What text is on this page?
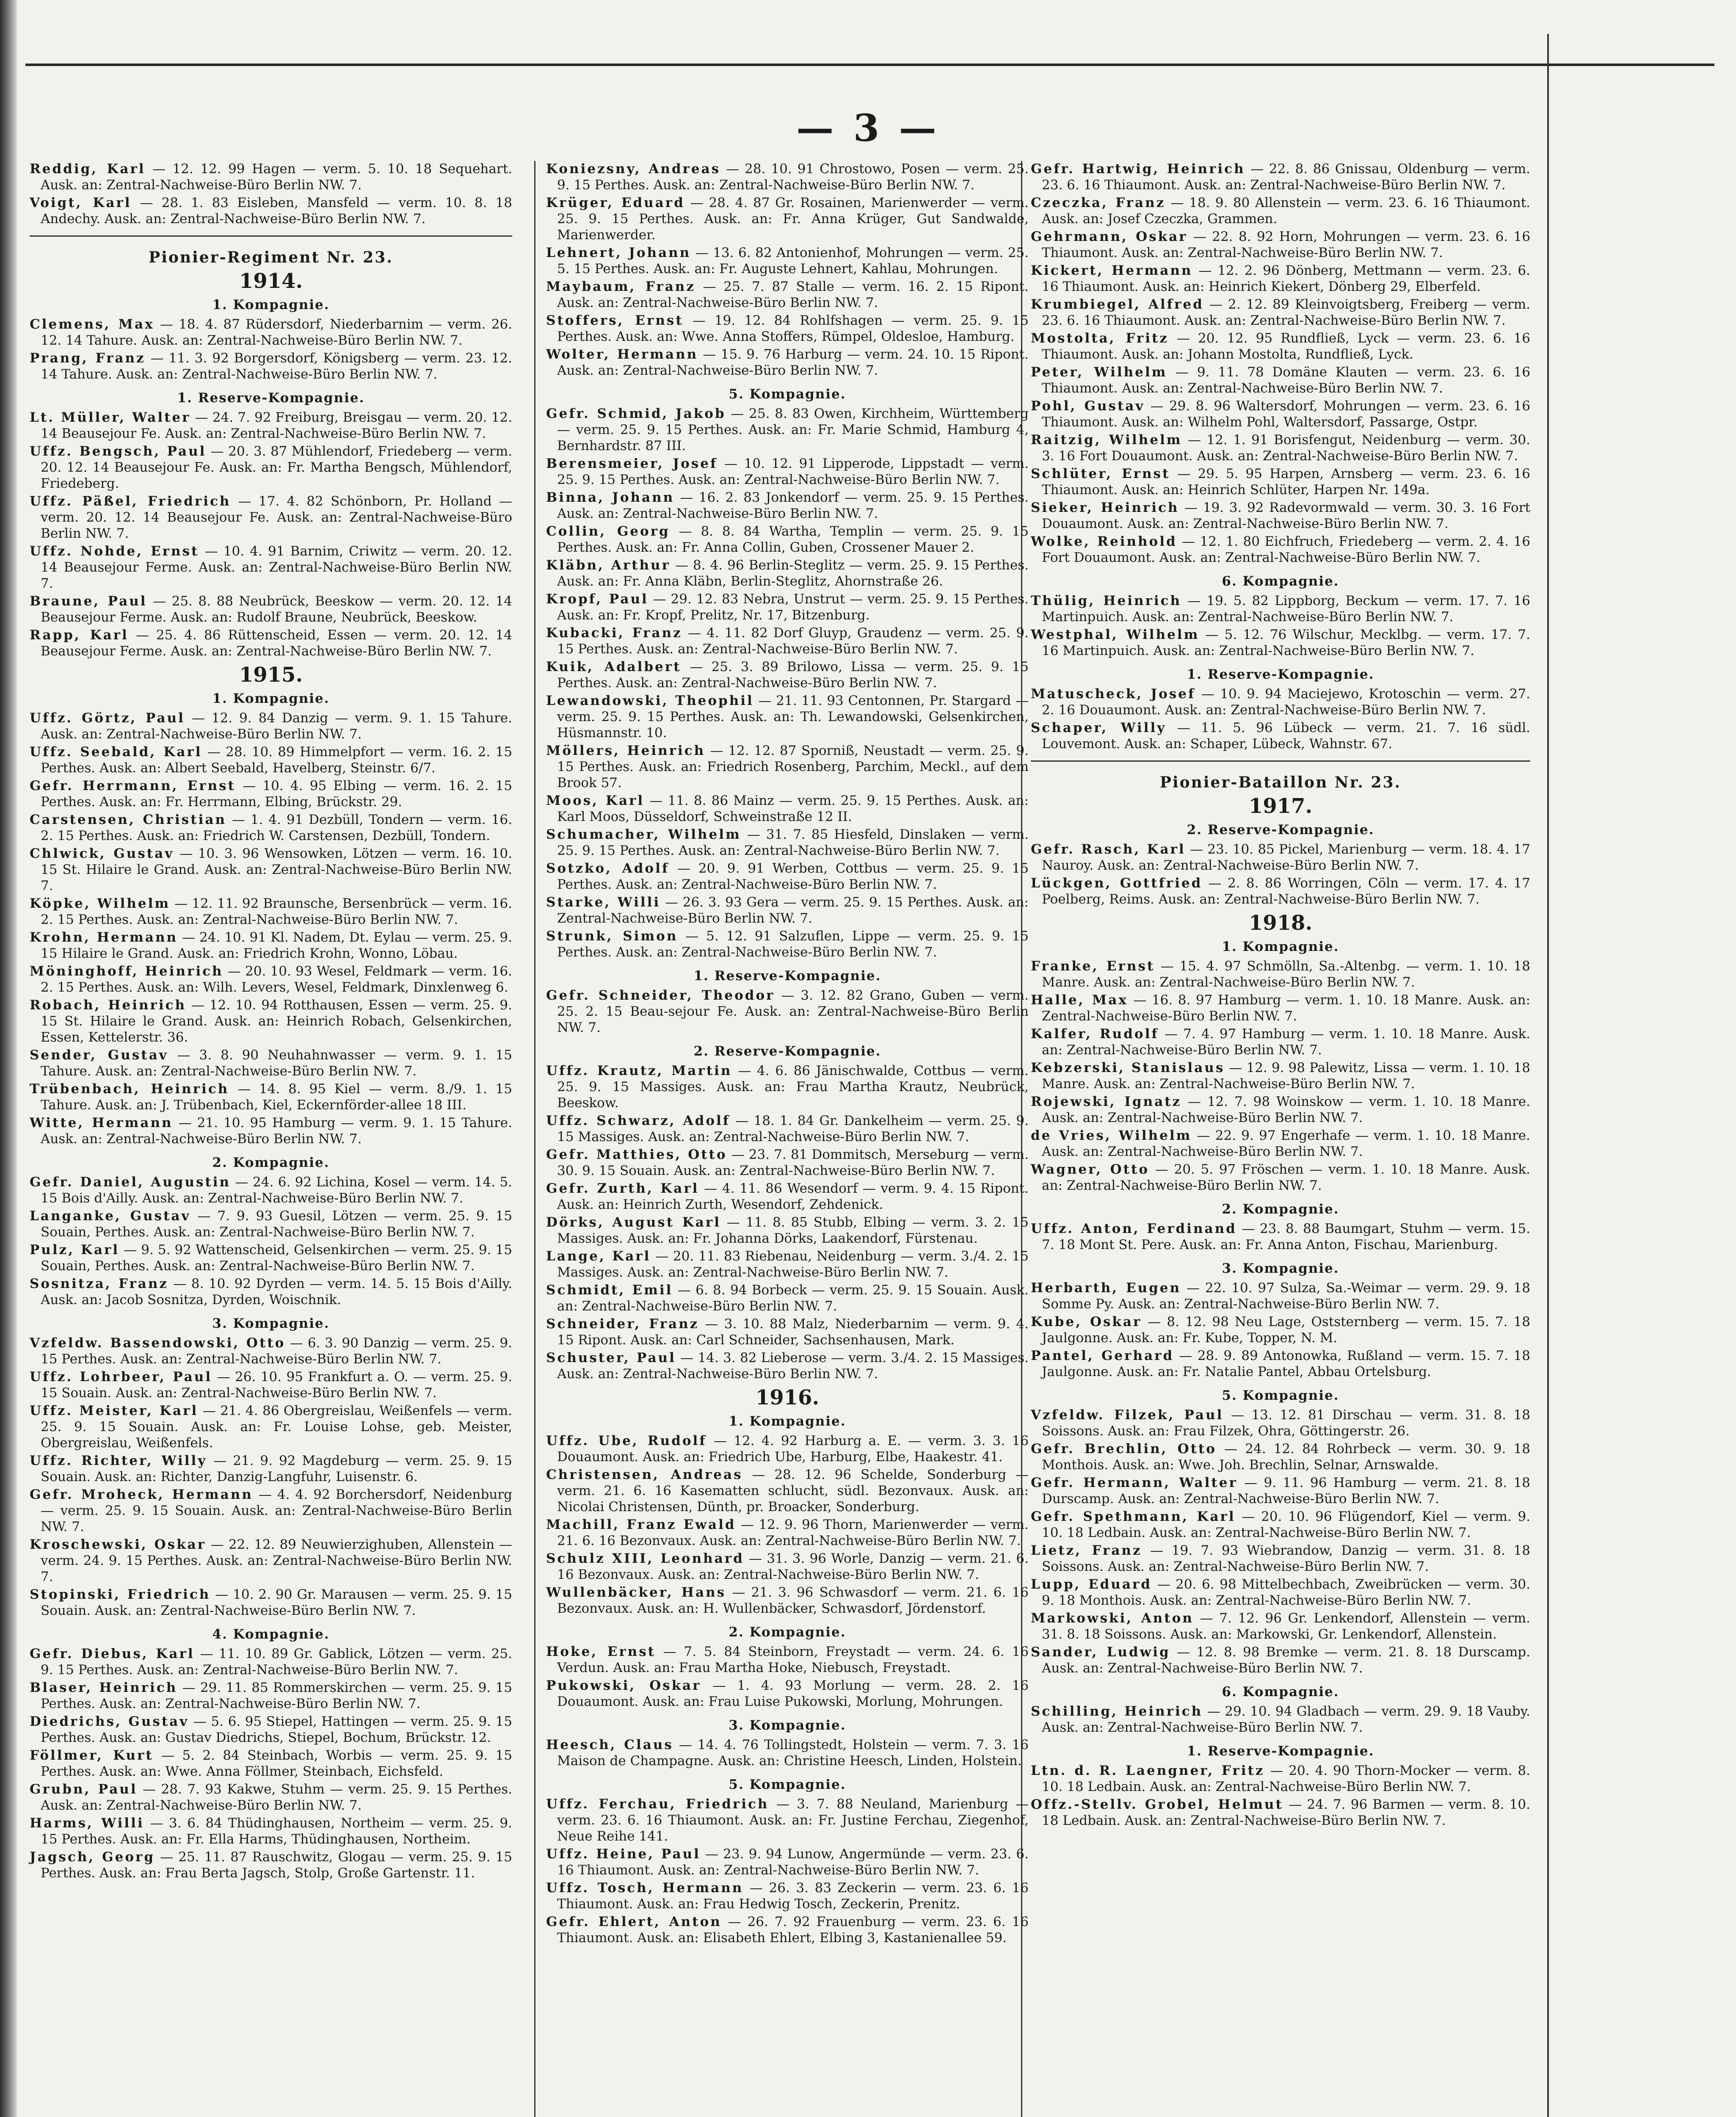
— 3 —
Reddig, Karl — 12. 12. 99 Hagen — verm. 5. 10. 18 Sequehart. Ausk. an: Zentral-Nachweise-Büro Berlin NW. 7.
Voigt, Karl — 28. 1. 83 Eisleben, Mansfeld — verm. 10. 8. 18 Andechy. Ausk. an: Zentral-Nachweise-Büro Berlin NW. 7.
Pionier-Regiment Nr. 23.
1914.
1. Kompagnie.
Clemens, Max — 18. 4. 87 Rüdersdorf, Niederbarnim — verm. 26. 12. 14 Tahure. Ausk. an: Zentral-Nachweise-Büro Berlin NW. 7.
Prang, Franz — 11. 3. 92 Borgersdorf, Königsberg — verm. 23. 12. 14 Tahure. Ausk. an: Zentral-Nachweise-Büro Berlin NW. 7.
1. Reserve-Kompagnie.
Lt. Müller, Walter — 24. 7. 92 Freiburg, Breisgau — verm. 20. 12. 14 Beausejour Fe. Ausk. an: Zentral-Nachweise-Büro Berlin NW. 7.
Uffz. Bengsch, Paul — 20. 3. 87 Mühlendorf, Friedeberg — verm. 20. 12. 14 Beausejour Fe. Ausk. an: Fr. Martha Bengsch, Mühlendorf, Friedeberg.
Uffz. Päßel, Friedrich — 17. 4. 82 Schönborn, Pr. Holland — verm. 20. 12. 14 Beausejour Fe. Ausk. an: Zentral-Nachweise-Büro Berlin NW. 7.
Uffz. Nohde, Ernst — 10. 4. 91 Barnim, Criwitz — verm. 20. 12. 14 Beausejour Ferme. Ausk. an: Zentral-Nachweise-Büro Berlin NW. 7.
Braune, Paul — 25. 8. 88 Neubrück, Beeskow — verm. 20. 12. 14 Beausejour Ferme. Ausk. an: Rudolf Braune, Neubrück, Beeskow.
Rapp, Karl — 25. 4. 86 Rüttenscheid, Essen — verm. 20. 12. 14 Beausejour Ferme. Ausk. an: Zentral-Nachweise-Büro Berlin NW. 7.
1915.
1. Kompagnie.
Uffz. Görtz, Paul — 12. 9. 84 Danzig — verm. 9. 1. 15 Tahure. Ausk. an: Zentral-Nachweise-Büro Berlin NW. 7.
Uffz. Seebald, Karl — 28. 10. 89 Himmelpfort — verm. 16. 2. 15 Perthes. Ausk. an: Albert Seebald, Havelberg, Steinstr. 6/7.
Gefr. Herrmann, Ernst — 10. 4. 95 Elbing — verm. 16. 2. 15 Perthes. Ausk. an: Fr. Herrmann, Elbing, Brückstr. 29.
Carstensen, Christian — 1. 4. 91 Dezbüll, Tondern — verm. 16. 2. 15 Perthes. Ausk. an: Friedrich W. Carstensen, Dezbüll, Tondern.
Chlwick, Gustav — 10. 3. 96 Wensowken, Lötzen — verm. 16. 10. 15 St. Hilaire le Grand. Ausk. an: Zentral-Nachweise-Büro Berlin NW. 7.
Köpke, Wilhelm — 12. 11. 92 Braunsche, Bersenbrück — verm. 16. 2. 15 Perthes. Ausk. an: Zentral-Nachweise-Büro Berlin NW. 7.
Krohn, Hermann — 24. 10. 91 Kl. Nadem, Dt. Eylau — verm. 25. 9. 15 Hilaire le Grand. Ausk. an: Friedrich Krohn, Wonno, Löbau.
Möninghoff, Heinrich — 20. 10. 93 Wesel, Feldmark — verm. 16. 2. 15 Perthes. Ausk. an: Wilh. Levers, Wesel, Feldmark, Dinxlenweg 6.
Robach, Heinrich — 12. 10. 94 Rotthausen, Essen — verm. 25. 9. 15 St. Hilaire le Grand. Ausk. an: Heinrich Robach, Gelsenkirchen, Essen, Kettelerstr. 36.
Sender, Gustav — 3. 8. 90 Neuhahnwasser — verm. 9. 1. 15 Tahure. Ausk. an: Zentral-Nachweise-Büro Berlin NW. 7.
Trübenbach, Heinrich — 14. 8. 95 Kiel — verm. 8./9. 1. 15 Tahure. Ausk. an: J. Trübenbach, Kiel, Eckernförder-allee 18 III.
Witte, Hermann — 21. 10. 95 Hamburg — verm. 9. 1. 15 Tahure. Ausk. an: Zentral-Nachweise-Büro Berlin NW. 7.
2. Kompagnie.
Gefr. Daniel, Augustin — 24. 6. 92 Lichina, Kosel — verm. 14. 5. 15 Bois d'Ailly. Ausk. an: Zentral-Nachweise-Büro Berlin NW. 7.
Langanke, Gustav — 7. 9. 93 Guesil, Lötzen — verm. 25. 9. 15 Souain, Perthes. Ausk. an: Zentral-Nachweise-Büro Berlin NW. 7.
Pulz, Karl — 9. 5. 92 Wattenscheid, Gelsenkirchen — verm. 25. 9. 15 Souain, Perthes. Ausk. an: Zentral-Nachweise-Büro Berlin NW. 7.
Sosnitza, Franz — 8. 10. 92 Dyrden — verm. 14. 5. 15 Bois d'Ailly. Ausk. an: Jacob Sosnitza, Dyrden, Woischnik.
3. Kompagnie.
Vzfeldw. Bassendowski, Otto — 6. 3. 90 Danzig — verm. 25. 9. 15 Perthes. Ausk. an: Zentral-Nachweise-Büro Berlin NW. 7.
Uffz. Lohrbeer, Paul — 26. 10. 95 Frankfurt a. O. — verm. 25. 9. 15 Souain. Ausk. an: Zentral-Nachweise-Büro Berlin NW. 7.
Uffz. Meister, Karl — 21. 4. 86 Obergreislau, Weißenfels — verm. 25. 9. 15 Souain. Ausk. an: Fr. Louise Lohse, geb. Meister, Obergreislau, Weißenfels.
Uffz. Richter, Willy — 21. 9. 92 Magdeburg — verm. 25. 9. 15 Souain. Ausk. an: Richter, Danzig-Langfuhr, Luisenstr. 6.
Gefr. Mroheck, Hermann — 4. 4. 92 Borchersdorf, Neidenburg — verm. 25. 9. 15 Souain. Ausk. an: Zentral-Nachweise-Büro Berlin NW. 7.
Kroschewski, Oskar — 22. 12. 89 Neuwierzighuben, Allenstein — verm. 24. 9. 15 Perthes. Ausk. an: Zentral-Nachweise-Büro Berlin NW. 7.
Stopinski, Friedrich — 10. 2. 90 Gr. Marausen — verm. 25. 9. 15 Souain. Ausk. an: Zentral-Nachweise-Büro Berlin NW. 7.
4. Kompagnie.
Gefr. Diebus, Karl — 11. 10. 89 Gr. Gablick, Lötzen — verm. 25. 9. 15 Perthes. Ausk. an: Zentral-Nachweise-Büro Berlin NW. 7.
Blaser, Heinrich — 29. 11. 85 Rommerskirchen — verm. 25. 9. 15 Perthes. Ausk. an: Zentral-Nachweise-Büro Berlin NW. 7.
Diedrichs, Gustav — 5. 6. 95 Stiepel, Hattingen — verm. 25. 9. 15 Perthes. Ausk. an: Gustav Diedrichs, Stiepel, Bochum, Brückstr. 12.
Föllmer, Kurt — 5. 2. 84 Steinbach, Worbis — verm. 25. 9. 15 Perthes. Ausk. an: Wwe. Anna Föllmer, Steinbach, Eichsfeld.
Grubn, Paul — 28. 7. 93 Kakwe, Stuhm — verm. 25. 9. 15 Perthes. Ausk. an: Zentral-Nachweise-Büro Berlin NW. 7.
Harms, Willi — 3. 6. 84 Thüdinghausen, Northeim — verm. 25. 9. 15 Perthes. Ausk. an: Fr. Ella Harms, Thüdinghausen, Northeim.
Jagsch, Georg — 25. 11. 87 Rauschwitz, Glogau — verm. 25. 9. 15 Perthes. Ausk. an: Frau Berta Jagsch, Stolp, Große Gartenstr. 11.
Koniezsny, Andreas — 28. 10. 91 Chrostowo, Posen — verm. 25. 9. 15 Perthes. Ausk. an: Zentral-Nachweise-Büro Berlin NW. 7.
Krüger, Eduard — 28. 4. 87 Gr. Rosainen, Marienwerder — verm. 25. 9. 15 Perthes. Ausk. an: Fr. Anna Krüger, Gut Sandwalde, Marienwerder.
Lehnert, Johann — 13. 6. 82 Antonienhof, Mohrungen — verm. 25. 5. 15 Perthes. Ausk. an: Fr. Auguste Lehnert, Kahlau, Mohrungen.
Maybaum, Franz — 25. 7. 87 Stalle — verm. 16. 2. 15 Ripont. Ausk. an: Zentral-Nachweise-Büro Berlin NW. 7.
Stoffers, Ernst — 19. 12. 84 Rohlfshagen — verm. 25. 9. 15 Perthes. Ausk. an: Wwe. Anna Stoffers, Rümpel, Oldesloe, Hamburg.
Wolter, Hermann — 15. 9. 76 Harburg — verm. 24. 10. 15 Ripont. Ausk. an: Zentral-Nachweise-Büro Berlin NW. 7.
5. Kompagnie.
Gefr. Schmid, Jakob — 25. 8. 83 Owen, Kirchheim, Württemberg — verm. 25. 9. 15 Perthes. Ausk. an: Fr. Marie Schmid, Hamburg 4, Bernhardstr. 87 III.
Berensmeier, Josef — 10. 12. 91 Lipperode, Lippstadt — verm. 25. 9. 15 Perthes. Ausk. an: Zentral-Nachweise-Büro Berlin NW. 7.
Binna, Johann — 16. 2. 83 Jonkendorf — verm. 25. 9. 15 Perthes. Ausk. an: Zentral-Nachweise-Büro Berlin NW. 7.
Collin, Georg — 8. 8. 84 Wartha, Templin — verm. 25. 9. 15 Perthes. Ausk. an: Fr. Anna Collin, Guben, Crossener Mauer 2.
Kläbn, Arthur — 8. 4. 96 Berlin-Steglitz — verm. 25. 9. 15 Perthes. Ausk. an: Fr. Anna Kläbn, Berlin-Steglitz, Ahornstraße 26.
Kropf, Paul — 29. 12. 83 Nebra, Unstrut — verm. 25. 9. 15 Perthes. Ausk. an: Fr. Kropf, Prelitz, Nr. 17, Bitzenburg.
Kubacki, Franz — 4. 11. 82 Dorf Gluyp, Graudenz — verm. 25. 9. 15 Perthes. Ausk. an: Zentral-Nachweise-Büro Berlin NW. 7.
Kuik, Adalbert — 25. 3. 89 Brilowo, Lissa — verm. 25. 9. 15 Perthes. Ausk. an: Zentral-Nachweise-Büro Berlin NW. 7.
Lewandowski, Theophil — 21. 11. 93 Centonnen, Pr. Stargard — verm. 25. 9. 15 Perthes. Ausk. an: Th. Lewandowski, Gelsenkirchen, Hüsmannstr. 10.
Möllers, Heinrich — 12. 12. 87 Sporniß, Neustadt — verm. 25. 9. 15 Perthes. Ausk. an: Friedrich Rosenberg, Parchim, Meckl., auf dem Brook 57.
Moos, Karl — 11. 8. 86 Mainz — verm. 25. 9. 15 Perthes. Ausk. an: Karl Moos, Düsseldorf, Schweinstraße 12 II.
Schumacher, Wilhelm — 31. 7. 85 Hiesfeld, Dinslaken — verm. 25. 9. 15 Perthes. Ausk. an: Zentral-Nachweise-Büro Berlin NW. 7.
Sotzko, Adolf — 20. 9. 91 Werben, Cottbus — verm. 25. 9. 15 Perthes. Ausk. an: Zentral-Nachweise-Büro Berlin NW. 7.
Starke, Willi — 26. 3. 93 Gera — verm. 25. 9. 15 Perthes. Ausk. an: Zentral-Nachweise-Büro Berlin NW. 7.
Strunk, Simon — 5. 12. 91 Salzuflen, Lippe — verm. 25. 9. 15 Perthes. Ausk. an: Zentral-Nachweise-Büro Berlin NW. 7.
1. Reserve-Kompagnie.
Gefr. Schneider, Theodor — 3. 12. 82 Grano, Guben — verm. 25. 2. 15 Beau-sejour Fe. Ausk. an: Zentral-Nachweise-Büro Berlin NW. 7.
2. Reserve-Kompagnie.
Uffz. Krautz, Martin — 4. 6. 86 Jänischwalde, Cottbus — verm. 25. 9. 15 Massiges. Ausk. an: Frau Martha Krautz, Neubrück, Beeskow.
Uffz. Schwarz, Adolf — 18. 1. 84 Gr. Dankelheim — verm. 25. 9. 15 Massiges. Ausk. an: Zentral-Nachweise-Büro Berlin NW. 7.
Gefr. Matthies, Otto — 23. 7. 81 Dommitsch, Merseburg — verm. 30. 9. 15 Souain. Ausk. an: Zentral-Nachweise-Büro Berlin NW. 7.
Gefr. Zurth, Karl — 4. 11. 86 Wesendorf — verm. 9. 4. 15 Ripont. Ausk. an: Heinrich Zurth, Wesendorf, Zehdenick.
Dörks, August Karl — 11. 8. 85 Stubb, Elbing — verm. 3. 2. 15 Massiges. Ausk. an: Fr. Johanna Dörks, Laakendorf, Fürstenau.
Lange, Karl — 20. 11. 83 Riebenau, Neidenburg — verm. 3./4. 2. 15 Massiges. Ausk. an: Zentral-Nachweise-Büro Berlin NW. 7.
Schmidt, Emil — 6. 8. 94 Borbeck — verm. 25. 9. 15 Souain. Ausk. an: Zentral-Nachweise-Büro Berlin NW. 7.
Schneider, Franz — 3. 10. 88 Malz, Niederbarnim — verm. 9. 4. 15 Ripont. Ausk. an: Carl Schneider, Sachsenhausen, Mark.
Schuster, Paul — 14. 3. 82 Lieberose — verm. 3./4. 2. 15 Massiges. Ausk. an: Zentral-Nachweise-Büro Berlin NW. 7.
1916.
1. Kompagnie.
Uffz. Ube, Rudolf — 12. 4. 92 Harburg a. E. — verm. 3. 3. 16 Douaumont. Ausk. an: Friedrich Ube, Harburg, Elbe, Haakestr. 41.
Christensen, Andreas — 28. 12. 96 Schelde, Sonderburg — verm. 21. 6. 16 Kasematten schlucht, südl. Bezonvaux. Ausk. an: Nicolai Christensen, Dünth, pr. Broacker, Sonderburg.
Machill, Franz Ewald — 12. 9. 96 Thorn, Marienwerder — verm. 21. 6. 16 Bezonvaux. Ausk. an: Zentral-Nachweise-Büro Berlin NW. 7.
Schulz XIII, Leonhard — 31. 3. 96 Worle, Danzig — verm. 21. 6. 16 Bezonvaux. Ausk. an: Zentral-Nachweise-Büro Berlin NW. 7.
Wullenbäcker, Hans — 21. 3. 96 Schwasdorf — verm. 21. 6. 16 Bezonvaux. Ausk. an: H. Wullenbäcker, Schwasdorf, Jördenstorf.
2. Kompagnie.
Hoke, Ernst — 7. 5. 84 Steinborn, Freystadt — verm. 24. 6. 16 Verdun. Ausk. an: Frau Martha Hoke, Niebusch, Freystadt.
Pukowski, Oskar — 1. 4. 93 Morlung — verm. 28. 2. 16 Douaumont. Ausk. an: Frau Luise Pukowski, Morlung, Mohrungen.
3. Kompagnie.
Heesch, Claus — 14. 4. 76 Tollingstedt, Holstein — verm. 7. 3. 16 Maison de Champagne. Ausk. an: Christine Heesch, Linden, Holstein.
5. Kompagnie.
Uffz. Ferchau, Friedrich — 3. 7. 88 Neuland, Marienburg — verm. 23. 6. 16 Thiaumont. Ausk. an: Fr. Justine Ferchau, Ziegenhof, Neue Reihe 141.
Uffz. Heine, Paul — 23. 9. 94 Lunow, Angermünde — verm. 23. 6. 16 Thiaumont. Ausk. an: Zentral-Nachweise-Büro Berlin NW. 7.
Uffz. Tosch, Hermann — 26. 3. 83 Zeckerin — verm. 23. 6. 16 Thiaumont. Ausk. an: Frau Hedwig Tosch, Zeckerin, Prenitz.
Gefr. Ehlert, Anton — 26. 7. 92 Frauenburg — verm. 23. 6. 16 Thiaumont. Ausk. an: Elisabeth Ehlert, Elbing 3, Kastanienallee 59.
Gefr. Hartwig, Heinrich — 22. 8. 86 Gnissau, Oldenburg — verm. 23. 6. 16 Thiaumont. Ausk. an: Zentral-Nachweise-Büro Berlin NW. 7.
Czeczka, Franz — 18. 9. 80 Allenstein — verm. 23. 6. 16 Thiaumont. Ausk. an: Josef Czeczka, Grammen.
Gehrmann, Oskar — 22. 8. 92 Horn, Mohrungen — verm. 23. 6. 16 Thiaumont. Ausk. an: Zentral-Nachweise-Büro Berlin NW. 7.
Kickert, Hermann — 12. 2. 96 Dönberg, Mettmann — verm. 23. 6. 16 Thiaumont. Ausk. an: Heinrich Kiekert, Dönberg 29, Elberfeld.
Krumbiegel, Alfred — 2. 12. 89 Kleinvoigtsberg, Freiberg — verm. 23. 6. 16 Thiaumont. Ausk. an: Zentral-Nachweise-Büro Berlin NW. 7.
Mostolta, Fritz — 20. 12. 95 Rundfließ, Lyck — verm. 23. 6. 16 Thiaumont. Ausk. an: Johann Mostolta, Rundfließ, Lyck.
Peter, Wilhelm — 9. 11. 78 Domäne Klauten — verm. 23. 6. 16 Thiaumont. Ausk. an: Zentral-Nachweise-Büro Berlin NW. 7.
Pohl, Gustav — 29. 8. 96 Waltersdorf, Mohrungen — verm. 23. 6. 16 Thiaumont. Ausk. an: Wilhelm Pohl, Waltersdorf, Passarge, Ostpr.
Raitzig, Wilhelm — 12. 1. 91 Borisfengut, Neidenburg — verm. 30. 3. 16 Fort Douaumont. Ausk. an: Zentral-Nachweise-Büro Berlin NW. 7.
Schlüter, Ernst — 29. 5. 95 Harpen, Arnsberg — verm. 23. 6. 16 Thiaumont. Ausk. an: Heinrich Schlüter, Harpen Nr. 149a.
Sieker, Heinrich — 19. 3. 92 Radevormwald — verm. 30. 3. 16 Fort Douaumont. Ausk. an: Zentral-Nachweise-Büro Berlin NW. 7.
Wolke, Reinhold — 12. 1. 80 Eichfruch, Friedeberg — verm. 2. 4. 16 Fort Douaumont. Ausk. an: Zentral-Nachweise-Büro Berlin NW. 7.
6. Kompagnie.
Thülig, Heinrich — 19. 5. 82 Lippborg, Beckum — verm. 17. 7. 16 Martinpuich. Ausk. an: Zentral-Nachweise-Büro Berlin NW. 7.
Westphal, Wilhelm — 5. 12. 76 Wilschur, Mecklbg. — verm. 17. 7. 16 Martinpuich. Ausk. an: Zentral-Nachweise-Büro Berlin NW. 7.
1. Reserve-Kompagnie.
Matuscheck, Josef — 10. 9. 94 Maciejewo, Krotoschin — verm. 27. 2. 16 Douaumont. Ausk. an: Zentral-Nachweise-Büro Berlin NW. 7.
Schaper, Willy — 11. 5. 96 Lübeck — verm. 21. 7. 16 südl. Louvemont. Ausk. an: Schaper, Lübeck, Wahnstr. 67.
Pionier-Bataillon Nr. 23.
1917.
2. Reserve-Kompagnie.
Gefr. Rasch, Karl — 23. 10. 85 Pickel, Marienburg — verm. 18. 4. 17 Nauroy. Ausk. an: Zentral-Nachweise-Büro Berlin NW. 7.
Lückgen, Gottfried — 2. 8. 86 Worringen, Cöln — verm. 17. 4. 17 Poelberg, Reims. Ausk. an: Zentral-Nachweise-Büro Berlin NW. 7.
1918.
1. Kompagnie.
Franke, Ernst — 15. 4. 97 Schmölln, Sa.-Altenbg. — verm. 1. 10. 18 Manre. Ausk. an: Zentral-Nachweise-Büro Berlin NW. 7.
Halle, Max — 16. 8. 97 Hamburg — verm. 1. 10. 18 Manre. Ausk. an: Zentral-Nachweise-Büro Berlin NW. 7.
Kalfer, Rudolf — 7. 4. 97 Hamburg — verm. 1. 10. 18 Manre. Ausk. an: Zentral-Nachweise-Büro Berlin NW. 7.
Kebzerski, Stanislaus — 12. 9. 98 Palewitz, Lissa — verm. 1. 10. 18 Manre. Ausk. an: Zentral-Nachweise-Büro Berlin NW. 7.
Rojewski, Ignatz — 12. 7. 98 Woinskow — verm. 1. 10. 18 Manre. Ausk. an: Zentral-Nachweise-Büro Berlin NW. 7.
de Vries, Wilhelm — 22. 9. 97 Engerhafe — verm. 1. 10. 18 Manre. Ausk. an: Zentral-Nachweise-Büro Berlin NW. 7.
Wagner, Otto — 20. 5. 97 Fröschen — verm. 1. 10. 18 Manre. Ausk. an: Zentral-Nachweise-Büro Berlin NW. 7.
2. Kompagnie.
Uffz. Anton, Ferdinand — 23. 8. 88 Baumgart, Stuhm — verm. 15. 7. 18 Mont St. Pere. Ausk. an: Fr. Anna Anton, Fischau, Marienburg.
3. Kompagnie.
Herbarth, Eugen — 22. 10. 97 Sulza, Sa.-Weimar — verm. 29. 9. 18 Somme Py. Ausk. an: Zentral-Nachweise-Büro Berlin NW. 7.
Kube, Oskar — 8. 12. 98 Neu Lage, Oststernberg — verm. 15. 7. 18 Jaulgonne. Ausk. an: Fr. Kube, Topper, N. M.
Pantel, Gerhard — 28. 9. 89 Antonowka, Rußland — verm. 15. 7. 18 Jaulgonne. Ausk. an: Fr. Natalie Pantel, Abbau Ortelsburg.
5. Kompagnie.
Vzfeldw. Filzek, Paul — 13. 12. 81 Dirschau — verm. 31. 8. 18 Soissons. Ausk. an: Frau Filzek, Ohra, Göttingerstr. 26.
Gefr. Brechlin, Otto — 24. 12. 84 Rohrbeck — verm. 30. 9. 18 Monthois. Ausk. an: Wwe. Joh. Brechlin, Selnar, Arnswalde.
Gefr. Hermann, Walter — 9. 11. 96 Hamburg — verm. 21. 8. 18 Durscamp. Ausk. an: Zentral-Nachweise-Büro Berlin NW. 7.
Gefr. Spethmann, Karl — 20. 10. 96 Flügendorf, Kiel — verm. 9. 10. 18 Ledbain. Ausk. an: Zentral-Nachweise-Büro Berlin NW. 7.
Lietz, Franz — 19. 7. 93 Wiebrandow, Danzig — verm. 31. 8. 18 Soissons. Ausk. an: Zentral-Nachweise-Büro Berlin NW. 7.
Lupp, Eduard — 20. 6. 98 Mittelbechbach, Zweibrücken — verm. 30. 9. 18 Monthois. Ausk. an: Zentral-Nachweise-Büro Berlin NW. 7.
Markowski, Anton — 7. 12. 96 Gr. Lenkendorf, Allenstein — verm. 31. 8. 18 Soissons. Ausk. an: Markowski, Gr. Lenkendorf, Allenstein.
Sander, Ludwig — 12. 8. 98 Bremke — verm. 21. 8. 18 Durscamp. Ausk. an: Zentral-Nachweise-Büro Berlin NW. 7.
6. Kompagnie.
Schilling, Heinrich — 29. 10. 94 Gladbach — verm. 29. 9. 18 Vauby. Ausk. an: Zentral-Nachweise-Büro Berlin NW. 7.
1. Reserve-Kompagnie.
Ltn. d. R. Laengner, Fritz — 20. 4. 90 Thorn-Mocker — verm. 8. 10. 18 Ledbain. Ausk. an: Zentral-Nachweise-Büro Berlin NW. 7.
Offz.-Stellv. Grobel, Helmut — 24. 7. 96 Barmen — verm. 8. 10. 18 Ledbain. Ausk. an: Zentral-Nachweise-Büro Berlin NW. 7.
